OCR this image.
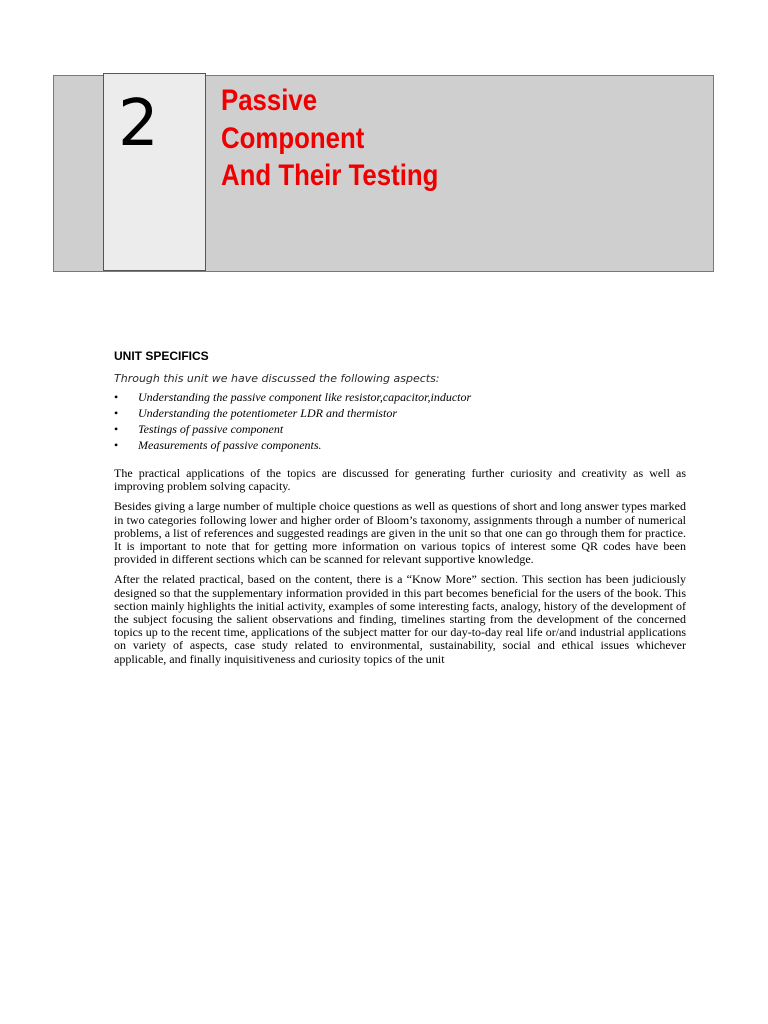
2 Passive
Component
And Their Testing
UNIT SPECIFICS
Through this unit we have discussed the following aspects:
• Understanding the passive component like resistor,capacitor,inductor
• Understanding the potentiometer LDR and thermistor
• Testings of passive component
• Measurements of passive components.

The practical applications of the topics are discussed for generating further curiosity and creativity as well as improving problem solving capacity.

Besides giving a large number of multiple choice questions as well as questions of short and long answer types marked in two categories following lower and higher order of Bloom’s taxonomy, assignments through a number of numerical problems, a list of references and suggested readings are given in the unit so that one can go through them for practice. It is important to note that for getting more information on various topics of interest some QR codes have been provided in different sections which can be scanned for relevant supportive knowledge.

After the related practical, based on the content, there is a “Know More” section. This section has been judiciously designed so that the supplementary information provided in this part becomes beneficial for the users of the book. This section mainly highlights the initial activity, examples of some interesting facts, analogy, history of the development of the subject focusing the salient observations and finding, timelines starting from the development of the concerned topics up to the recent time, applications of the subject matter for our day-to-day real life or/and industrial applications on variety of aspects, case study related to environmental, sustainability, social and ethical issues whichever applicable, and finally inquisitiveness and curiosity topics of the unit
